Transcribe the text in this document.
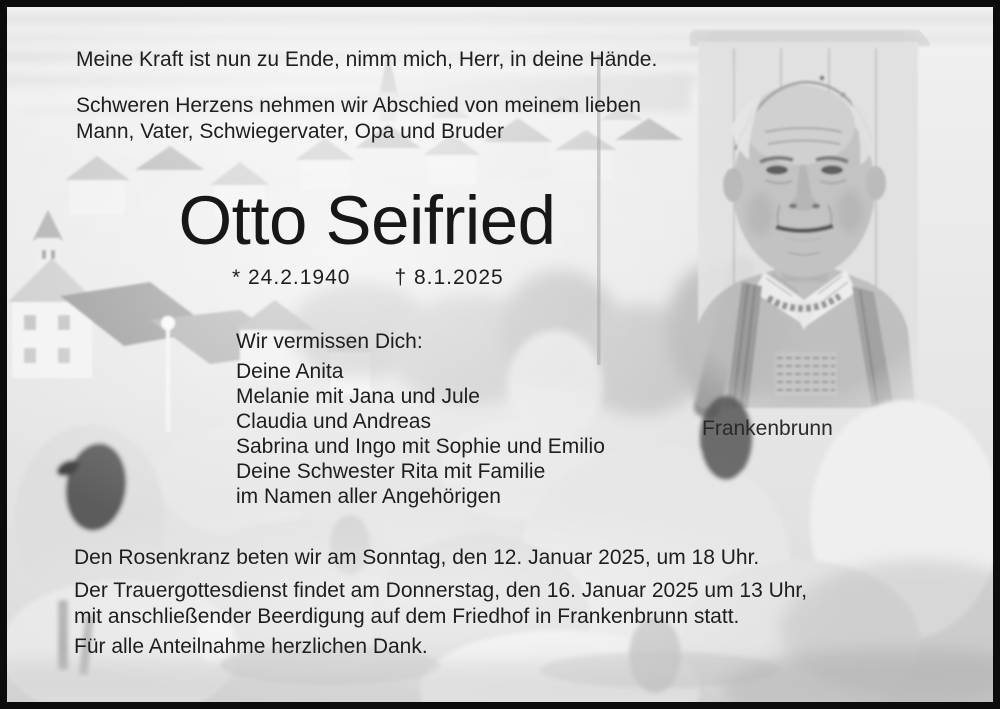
Meine Kraft ist nun zu Ende, nimm mich, Herr, in deine Hände.

Schweren Herzens nehmen wir Abschied von meinem lieben
Mann, Vater, Schwiegervater, Opa und Bruder
Otto Seifried
* 24.2.1940 † 8.1.2025

Wir vermissen Dich:

Deine Anita
Melanie mit Jana und Jule
Claudia und Andreas
Sabrina und Ingo mit Sophie und Emilio
Deine Schwester Rita mit Familie
im Namen aller Angehörigen

Frankenbrunn

Den Rosenkranz beten wir am Sonntag, den 12. Januar 2025, um 18 Uhr.

Der Trauergottesdienst findet am Donnerstag, den 16. Januar 2025 um 13 Uhr,
mit anschließender Beerdigung auf dem Friedhof in Frankenbrunn statt.

Für alle Anteilnahme herzlichen Dank.
